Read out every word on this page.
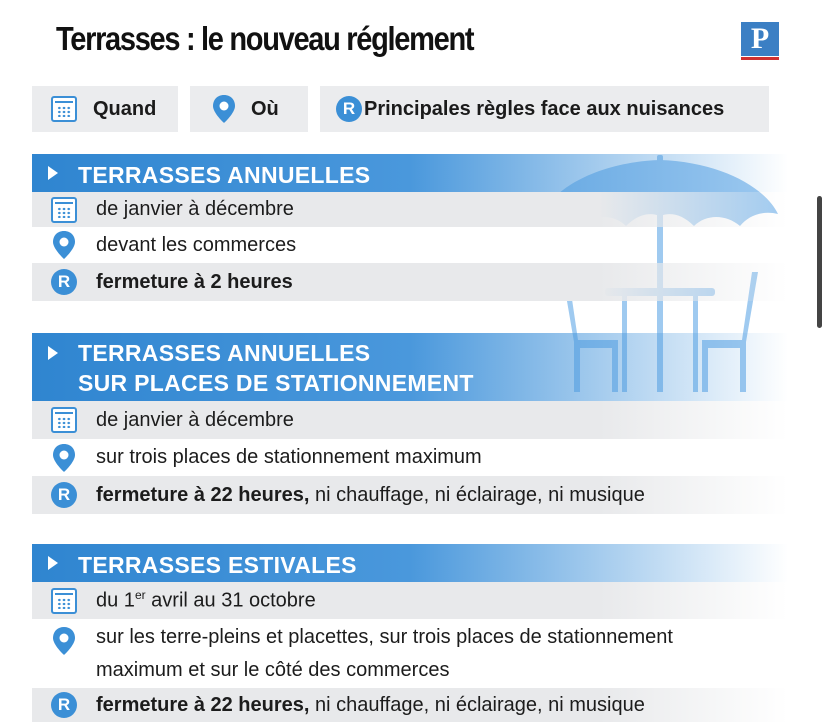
Terrasses : le nouveau réglement	P
Quand	Où	R Principales règles face aux nuisances
TERRASSES ANNUELLES
de janvier à décembre
devant les commerces
R	fermeture à 2 heures
TERRASSES ANNUELLES
SUR PLACES DE STATIONNEMENT
de janvier à décembre
sur trois places de stationnement maximum
R	fermeture à 22 heures, ni chauffage, ni éclairage, ni musique
TERRASSES ESTIVALES
du 1er avril au 31 octobre
sur les terre-pleins et placettes, sur trois places de stationnement
maximum et sur le côté des commerces
R	fermeture à 22 heures, ni chauffage, ni éclairage, ni musique
